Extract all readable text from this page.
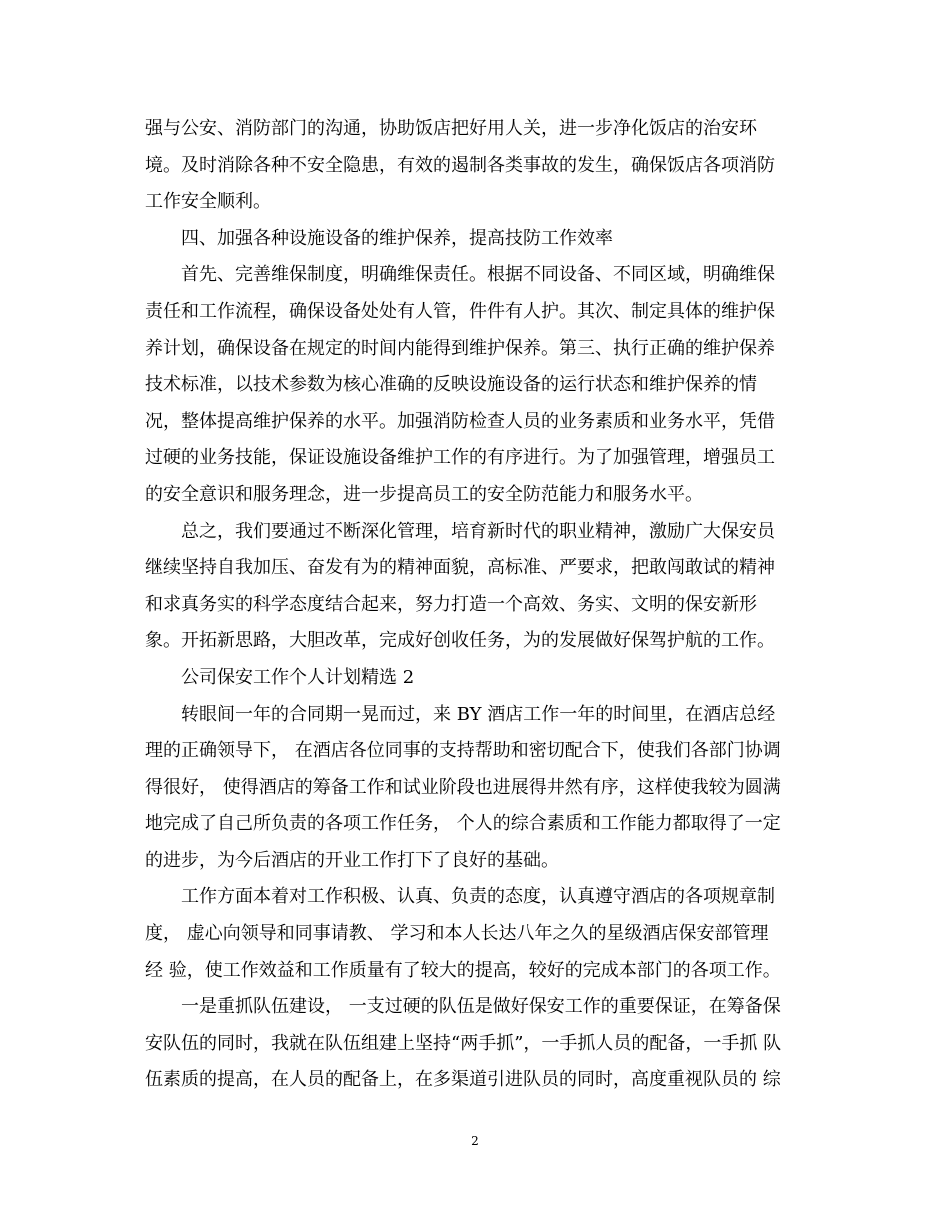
强与公安、消防部门的沟通，协助饭店把好用人关，进一步净化饭店的治安环
境。及时消除各种不安全隐患，有效的遏制各类事故的发生，确保饭店各项消防
工作安全顺利。
四、加强各种设施设备的维护保养，提高技防工作效率
首先、完善维保制度，明确维保责任。根据不同设备、不同区域，明确维保
责任和工作流程，确保设备处处有人管，件件有人护。其次、制定具体的维护保
养计划，确保设备在规定的时间内能得到维护保养。第三、执行正确的维护保养
技术标准，以技术参数为核心准确的反映设施设备的运行状态和维护保养的情
况，整体提高维护保养的水平。加强消防检查人员的业务素质和业务水平，凭借
过硬的业务技能，保证设施设备维护工作的有序进行。为了加强管理，增强员工
的安全意识和服务理念，进一步提高员工的安全防范能力和服务水平。
总之，我们要通过不断深化管理，培育新时代的职业精神，激励广大保安员
继续坚持自我加压、奋发有为的精神面貌，高标准、严要求，把敢闯敢试的精神
和求真务实的科学态度结合起来，努力打造一个高效、务实、文明的保安新形
象。开拓新思路，大胆改革，完成好创收任务，为的发展做好保驾护航的工作。
公司保安工作个人计划精选 2
转眼间一年的合同期一晃而过，来 BY 酒店工作一年的时间里，在酒店总经
理的正确领导下， 在酒店各位同事的支持帮助和密切配合下，使我们各部门协调
得很好， 使得酒店的筹备工作和试业阶段也进展得井然有序，这样使我较为圆满
地完成了自己所负责的各项工作任务， 个人的综合素质和工作能力都取得了一定
的进步，为今后酒店的开业工作打下了良好的基础。
工作方面本着对工作积极、认真、负责的态度，认真遵守酒店的各项规章制
度， 虚心向领导和同事请教、 学习和本人长达八年之久的星级酒店保安部管理
经 验，使工作效益和工作质量有了较大的提高，较好的完成本部门的各项工作。
一是重抓队伍建设， 一支过硬的队伍是做好保安工作的重要保证，在筹备保
安队伍的同时，我就在队伍组建上坚持“两手抓”，一手抓人员的配备，一手抓 队
伍素质的提高，在人员的配备上，在多渠道引进队员的同时，高度重视队员的 综
2
